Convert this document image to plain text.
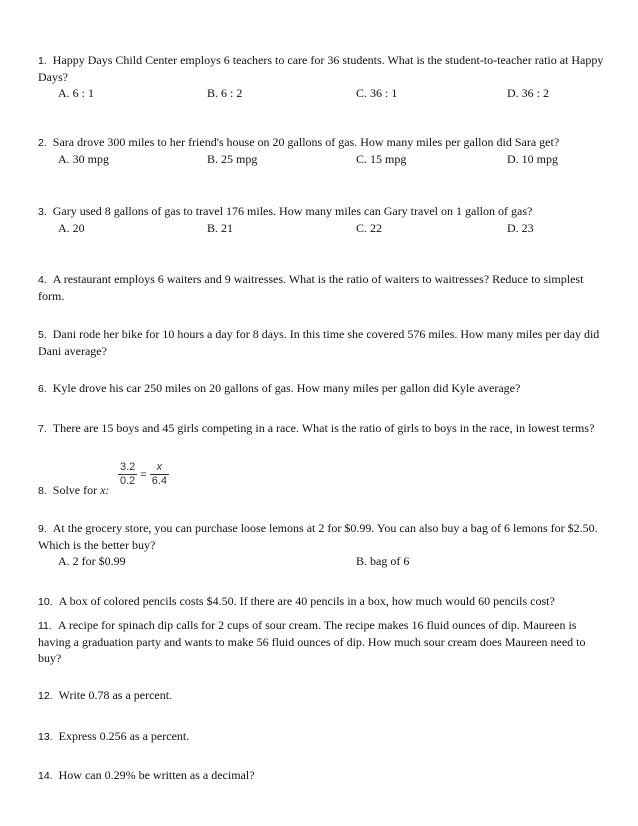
1. Happy Days Child Center employs 6 teachers to care for 36 students. What is the student-to-teacher ratio at Happy Days?
A. 6 : 1	B. 6 : 2	C. 36 : 1	D. 36 : 2
2. Sara drove 300 miles to her friend's house on 20 gallons of gas. How many miles per gallon did Sara get?
A. 30 mpg	B. 25 mpg	C. 15 mpg	D. 10 mpg
3. Gary used 8 gallons of gas to travel 176 miles. How many miles can Gary travel on 1 gallon of gas?
A. 20	B. 21	C. 22	D. 23
4. A restaurant employs 6 waiters and 9 waitresses. What is the ratio of waiters to waitresses? Reduce to simplest form.
5. Dani rode her bike for 10 hours a day for 8 days. In this time she covered 576 miles. How many miles per day did Dani average?
6. Kyle drove his car 250 miles on 20 gallons of gas. How many miles per gallon did Kyle average?
7. There are 15 boys and 45 girls competing in a race. What is the ratio of girls to boys in the race, in lowest terms?
$\frac{3.2}{0.2} = \frac{x}{6.4}$
8. Solve for x:
9. At the grocery store, you can purchase loose lemons at 2 for $0.99. You can also buy a bag of 6 lemons for $2.50. Which is the better buy?
A. 2 for $0.99	B. bag of 6
10. A box of colored pencils costs $4.50. If there are 40 pencils in a box, how much would 60 pencils cost?
11. A recipe for spinach dip calls for 2 cups of sour cream. The recipe makes 16 fluid ounces of dip. Maureen is having a graduation party and wants to make 56 fluid ounces of dip. How much sour cream does Maureen need to buy?
12. Write 0.78 as a percent.
13. Express 0.256 as a percent.
14. How can 0.29% be written as a decimal?
